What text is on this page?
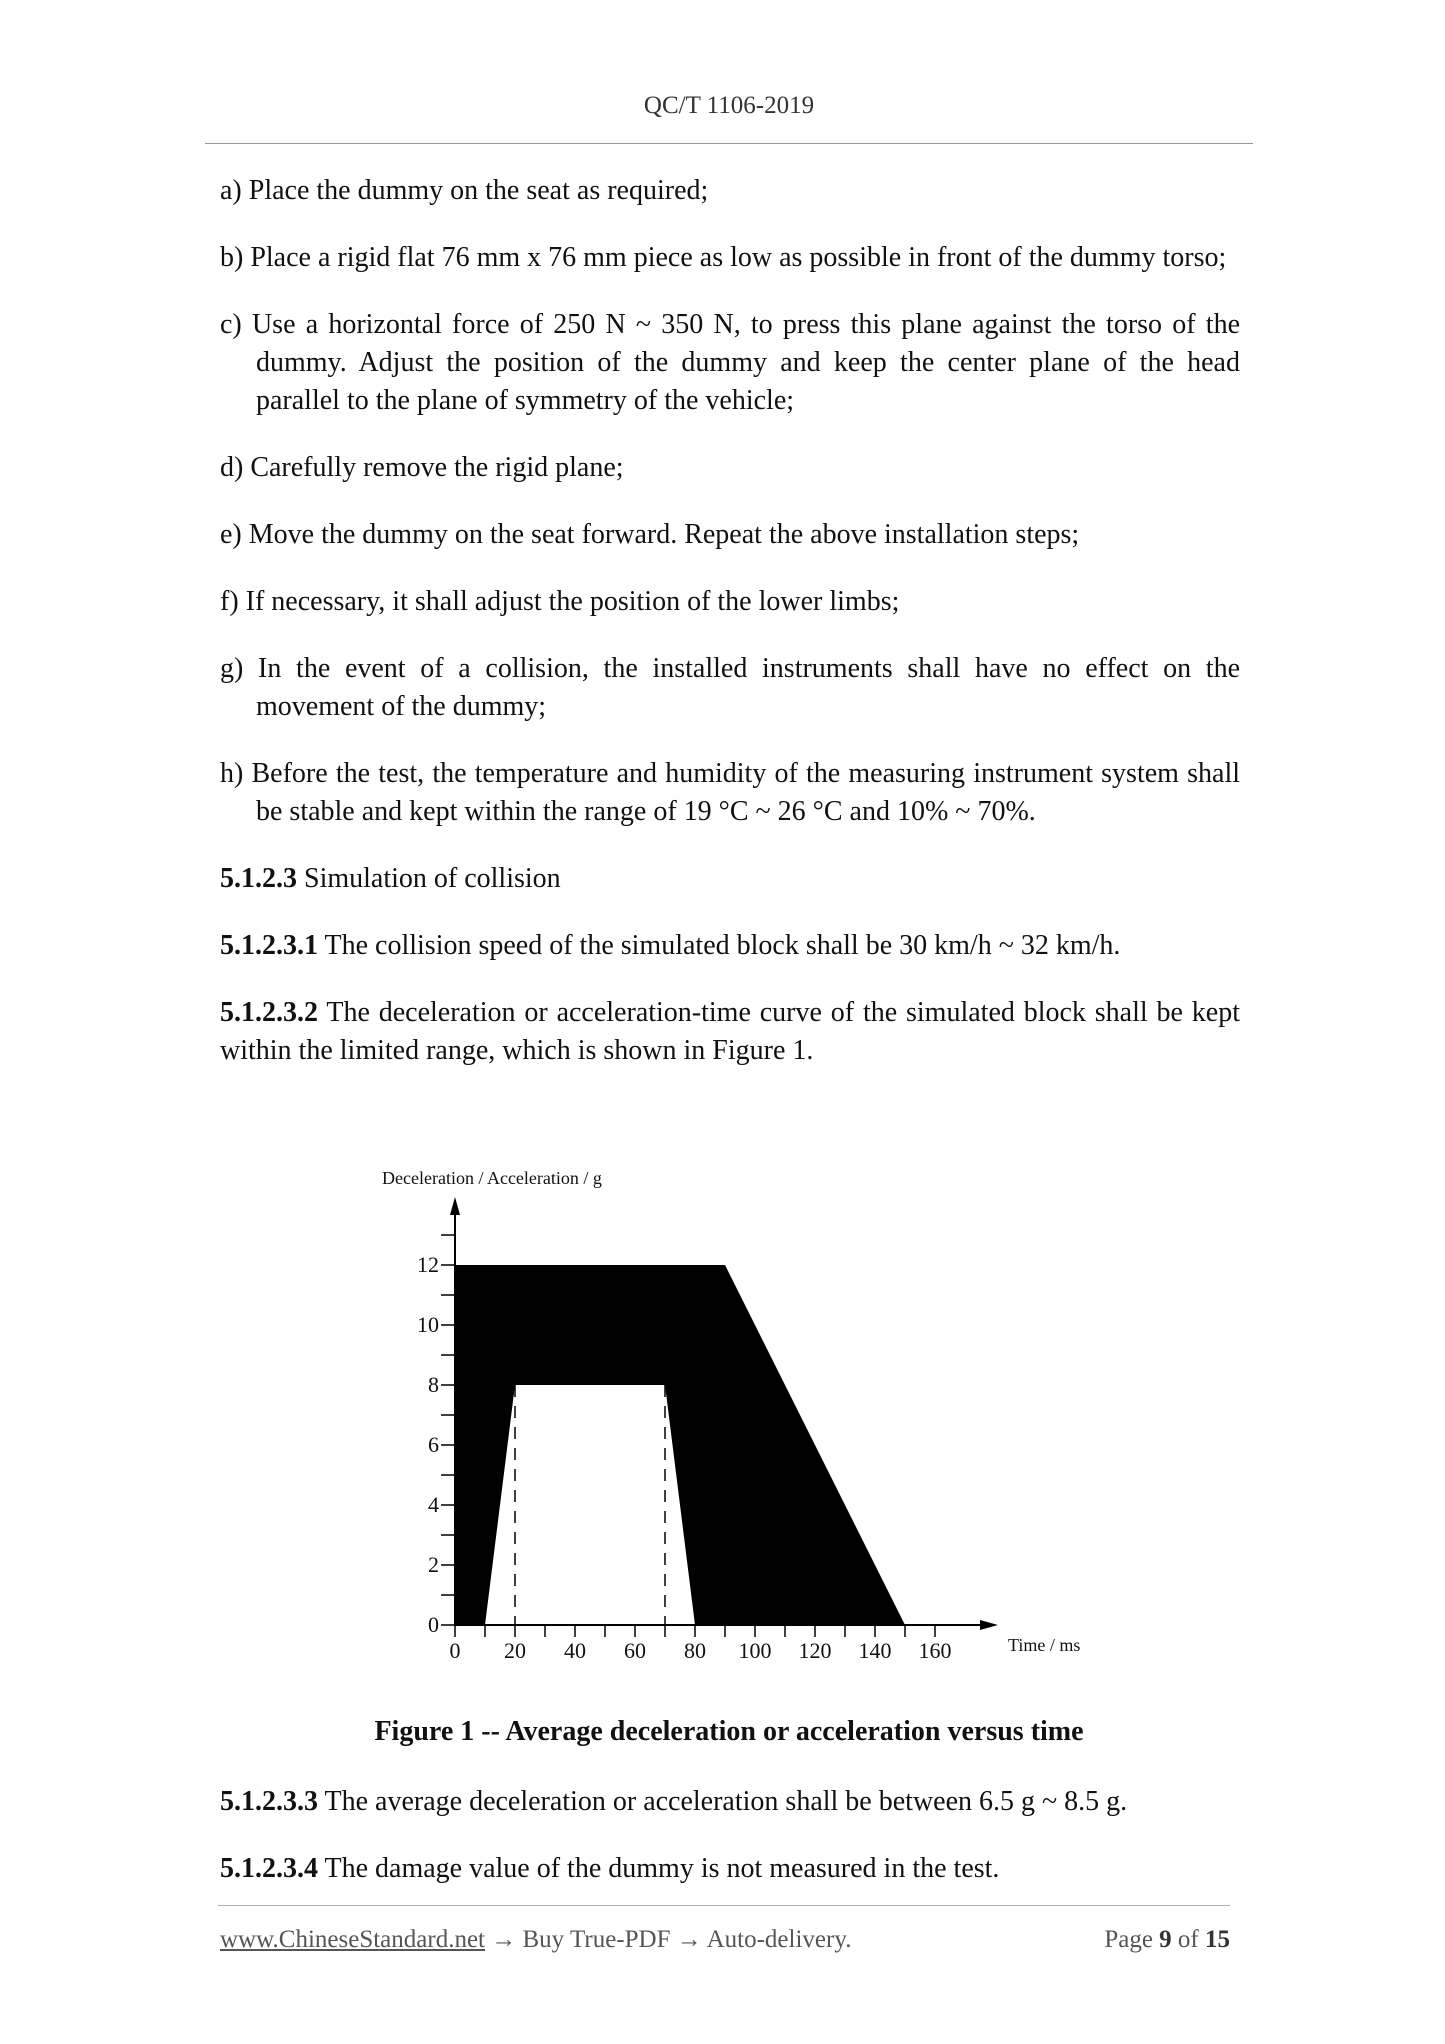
QC/T 1106-2019

a) Place the dummy on the seat as required;

b) Place a rigid flat 76 mm x 76 mm piece as low as possible in front of the dummy torso;

c) Use a horizontal force of 250 N ~ 350 N, to press this plane against the torso of the dummy. Adjust the position of the dummy and keep the center plane of the head parallel to the plane of symmetry of the vehicle;

d) Carefully remove the rigid plane;

e) Move the dummy on the seat forward. Repeat the above installation steps;

f) If necessary, it shall adjust the position of the lower limbs;

g) In the event of a collision, the installed instruments shall have no effect on the movement of the dummy;

h) Before the test, the temperature and humidity of the measuring instrument system shall be stable and kept within the range of 19 °C ~ 26 °C and 10% ~ 70%.

5.1.2.3 Simulation of collision

5.1.2.3.1 The collision speed of the simulated block shall be 30 km/h ~ 32 km/h.

5.1.2.3.2 The deceleration or acceleration-time curve of the simulated block shall be kept within the limited range, which is shown in Figure 1.

0 20 40 60 80 100 120 140 160
0
2
4
6
8
10
12
Deceleration / Acceleration / g
Time / ms
Figure 1 -- Average deceleration or acceleration versus time

5.1.2.3.3 The average deceleration or acceleration shall be between 6.5 g ~ 8.5 g.

5.1.2.3.4 The damage value of the dummy is not measured in the test.

www.ChineseStandard.net → Buy True-PDF → Auto-delivery.	Page 9 of 15
